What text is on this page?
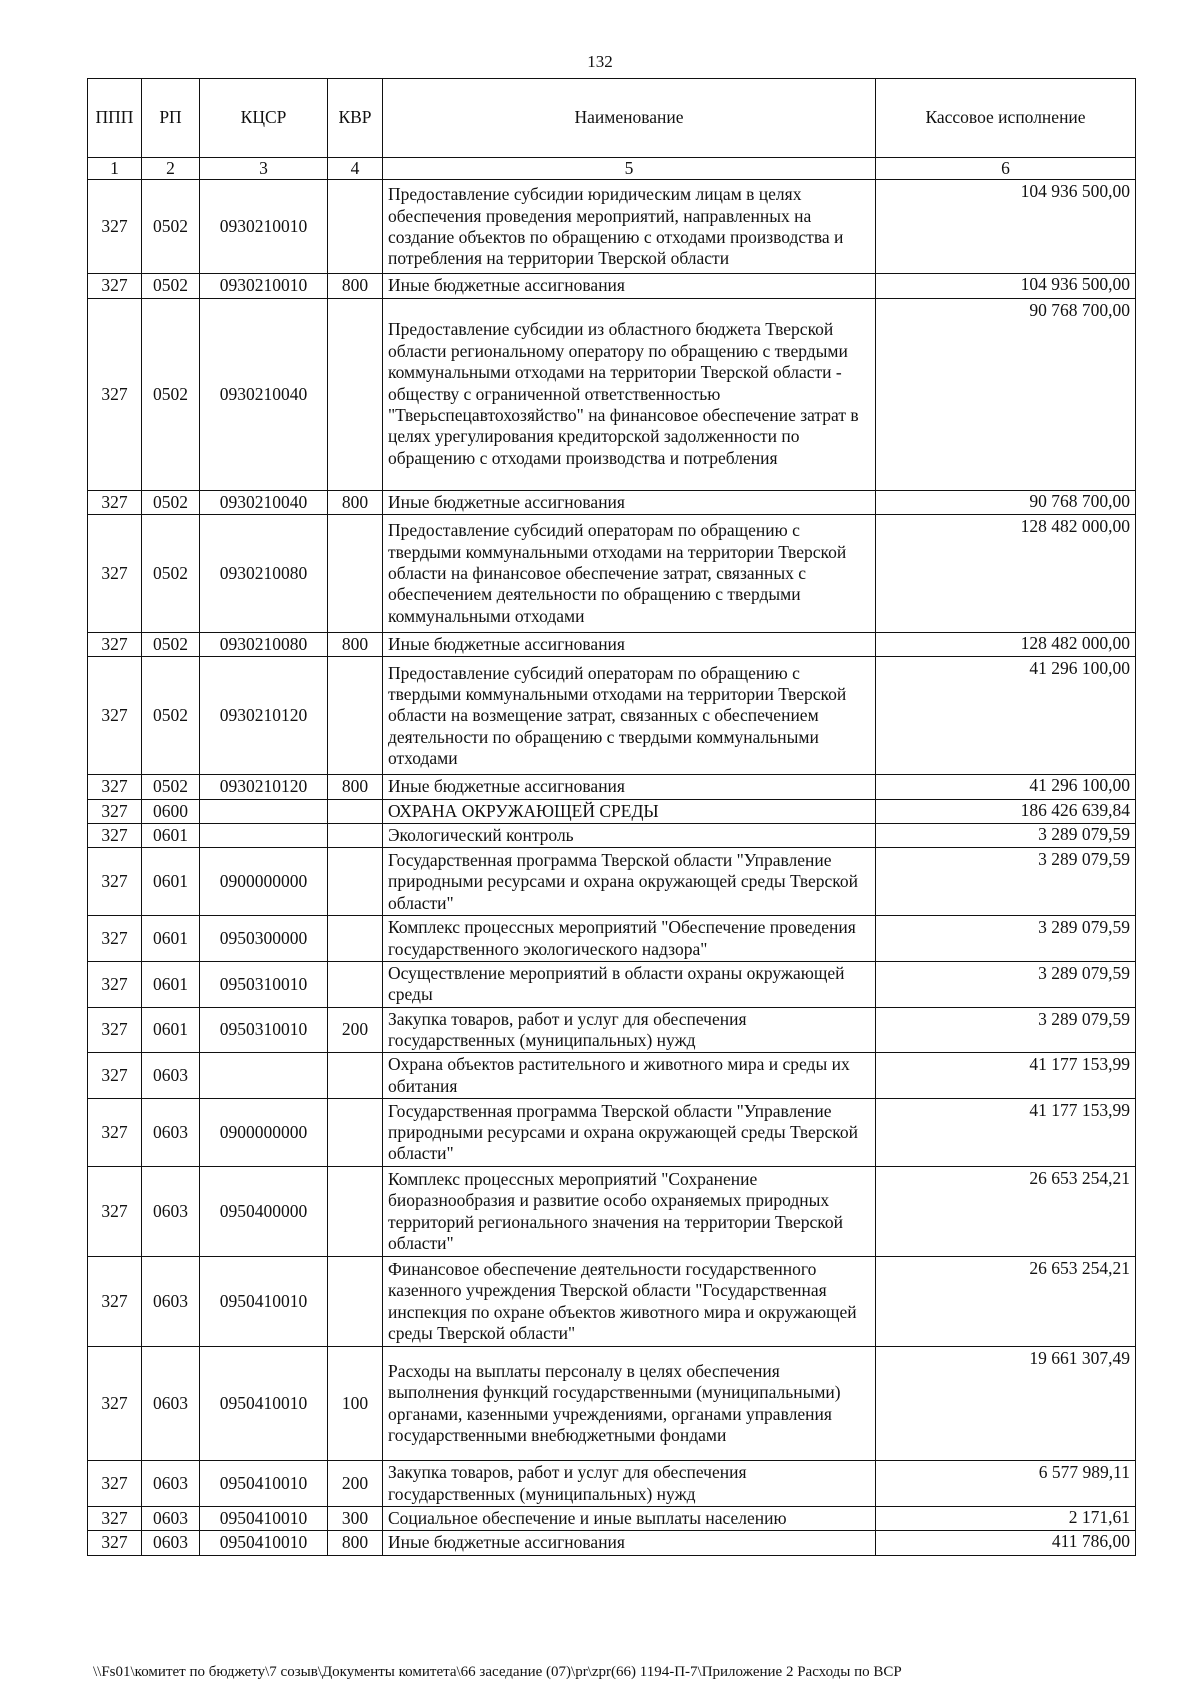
132
ППП	РП	КЦСР	КВР	Наименование	Кассовое исполнение
1	2	3	4	5	6
327	0502	0930210010		Предоставление субсидии юридическим лицам в целях обеспечения проведения мероприятий, направленных на создание объектов по обращению с отходами производства и потребления на территории Тверской области	104 936 500,00
327	0502	0930210010	800	Иные бюджетные ассигнования	104 936 500,00
327	0502	0930210040		Предоставление субсидии из областного бюджета Тверской области региональному оператору по обращению с твердыми коммунальными отходами на территории Тверской области - обществу с ограниченной ответственностью "Тверьспецавтохозяйство" на финансовое обеспечение затрат в целях урегулирования кредиторской задолженности по обращению с отходами производства и потребления	90 768 700,00
327	0502	0930210040	800	Иные бюджетные ассигнования	90 768 700,00
327	0502	0930210080		Предоставление субсидий операторам по обращению с твердыми коммунальными отходами на территории Тверской области на финансовое обеспечение затрат, связанных с обеспечением деятельности по обращению с твердыми коммунальными отходами	128 482 000,00
327	0502	0930210080	800	Иные бюджетные ассигнования	128 482 000,00
327	0502	0930210120		Предоставление субсидий операторам по обращению с твердыми коммунальными отходами на территории Тверской области на возмещение затрат, связанных с обеспечением деятельности по обращению с твердыми коммунальными отходами	41 296 100,00
327	0502	0930210120	800	Иные бюджетные ассигнования	41 296 100,00
327	0600			ОХРАНА ОКРУЖАЮЩЕЙ СРЕДЫ	186 426 639,84
327	0601			Экологический контроль	3 289 079,59
327	0601	0900000000		Государственная программа Тверской области "Управление природными ресурсами и охрана окружающей среды Тверской области"	3 289 079,59
327	0601	0950300000		Комплекс процессных мероприятий "Обеспечение проведения государственного экологического надзора"	3 289 079,59
327	0601	0950310010		Осуществление мероприятий в области охраны окружающей среды	3 289 079,59
327	0601	0950310010	200	Закупка товаров, работ и услуг для обеспечения государственных (муниципальных) нужд	3 289 079,59
327	0603			Охрана объектов растительного и животного мира и среды их обитания	41 177 153,99
327	0603	0900000000		Государственная программа Тверской области "Управление природными ресурсами и охрана окружающей среды Тверской области"	41 177 153,99
327	0603	0950400000		Комплекс процессных мероприятий "Сохранение биоразнообразия и развитие особо охраняемых природных территорий регионального значения на территории Тверской области"	26 653 254,21
327	0603	0950410010		Финансовое обеспечение деятельности государственного казенного учреждения Тверской области "Государственная инспекция по охране объектов животного мира и окружающей среды Тверской области"	26 653 254,21
327	0603	0950410010	100	Расходы на выплаты персоналу в целях обеспечения выполнения функций государственными (муниципальными) органами, казенными учреждениями, органами управления государственными внебюджетными фондами	19 661 307,49
327	0603	0950410010	200	Закупка товаров, работ и услуг для обеспечения государственных (муниципальных) нужд	6 577 989,11
327	0603	0950410010	300	Социальное обеспечение и иные выплаты населению	2 171,61
327	0603	0950410010	800	Иные бюджетные ассигнования	411 786,00
\\Fs01\комитет по бюджету\7 созыв\Документы комитета\66 заседание (07)\pr\zpr(66) 1194-П-7\Приложение 2 Расходы по ВСР
